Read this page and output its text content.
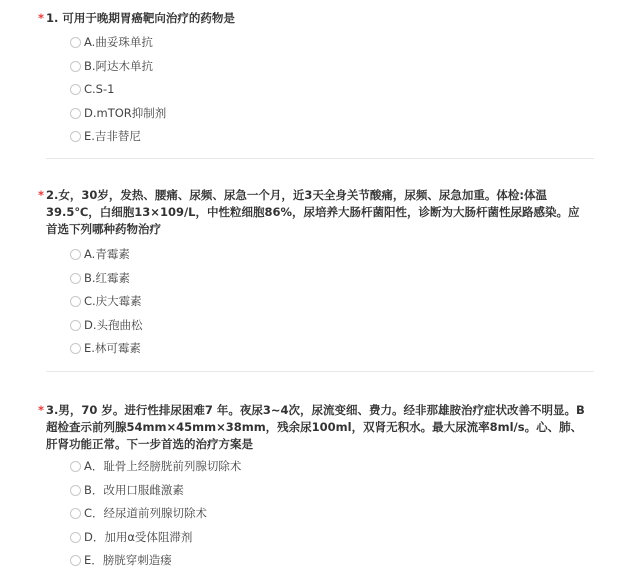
* 1. 可用于晚期胃癌靶向治疗的药物是
A.曲妥珠单抗
B.阿达木单抗
C.S-1
D.mTOR抑制剂
E.吉非替尼
* 2.女，30岁，发热、腰痛、尿频、尿急一个月，近3天全身关节酸痛，尿频、尿急加重。体检:体温39.5℃，白细胞13×109/L，中性粒细胞86%，尿培养大肠杆菌阳性，诊断为大肠杆菌性尿路感染。应首选下列哪种药物治疗
A.青霉素
B.红霉素
C.庆大霉素
D.头孢曲松
E.林可霉素
* 3.男，70 岁。进行性排尿困难7 年。夜尿3~4次，尿流变细、费力。经非那雄胺治疗症状改善不明显。B超检查示前列腺54mm×45mm×38mm，残余尿100ml，双肾无积水。最大尿流率8ml/s。心、肺、肝肾功能正常。下一步首选的治疗方案是
A．耻骨上经膀胱前列腺切除术
B．改用口服雌激素
C．经尿道前列腺切除术
D．加用α受体阻滞剂
E．膀胱穿刺造瘘
